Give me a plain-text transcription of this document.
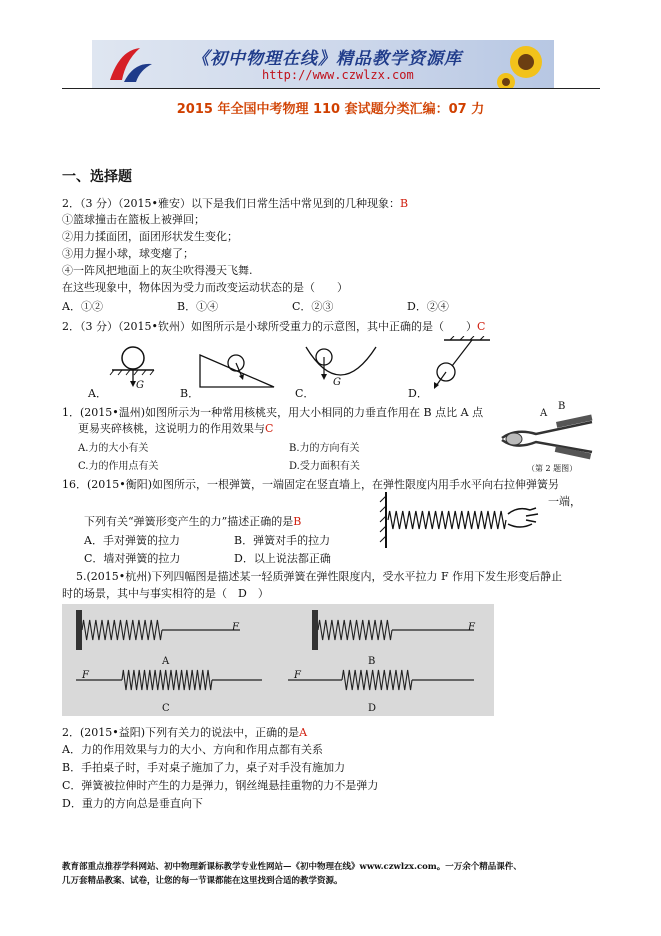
《初中物理在线》精品教学资源库
http://www.czwlzx.com
2015 年全国中考物理 110 套试题分类汇编：07 力
一、选择题
2．（3 分）（2015•雅安）以下是我们日常生活中常见到的几种现象：B
①篮球撞击在篮板上被弹回；
②用力揉面团，面团形状发生变化；
③用力握小球，球变瘪了；
④一阵风把地面上的灰尘吹得漫天飞舞.
在这些现象中，物体因为受力而改变运动状态的是（　　）
A．①②	B．①④	C．②③	D．②④
2．（3 分）（2015•钦州）如图所示是小球所受重力的示意图，其中正确的是（　　）C
A．
G
B．	C．
G
D．
1．(2015•温州)如图所示为一种常用核桃夹，用大小相同的力垂直作用在 B 点比 A 点
更易夹碎核桃，这说明力的作用效果与C
A.力的大小有关	B.力的方向有关
C.力的作用点有关	D.受力面积有关
A
B
（第 2 题图）
16．(2015•衡阳)如图所示，一根弹簧，一端固定在竖直墙上，在弹性限度内用手水平向右拉伸弹簧另
一端，
下列有关“弹簧形变产生的力”描述正确的是B
A．手对弹簧的拉力	B．弹簧对手的拉力
C．墙对弹簧的拉力	D．以上说法都正确
5.(2015•杭州)下列四幅图是描述某一轻质弹簧在弹性限度内，受水平拉力 F 作用下发生形变后静止
时的场景，其中与事实相符的是（　D　）
A	B
C	D
F	F
F	F
2．(2015•益阳)下列有关力的说法中，正确的是A
A．力的作用效果与力的大小、方向和作用点都有关系
B．手拍桌子时，手对桌子施加了力，桌子对手没有施加力
C．弹簧被拉伸时产生的力是弹力，钢丝绳悬挂重物的力不是弹力
D．重力的方向总是垂直向下
教育部重点推荐学科网站、初中物理新课标教学专业性网站—《初中物理在线》www.czwlzx.com。一万余个精品课件、
几万套精品教案、试卷，让您的每一节课都能在这里找到合适的教学资源。
